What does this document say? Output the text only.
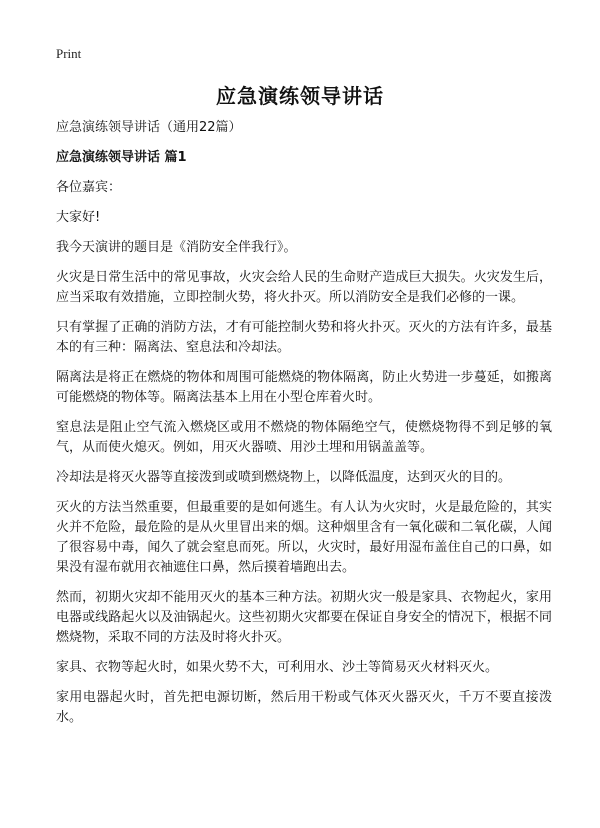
Print
应急演练领导讲话

应急演练领导讲话（通用22篇）

应急演练领导讲话 篇1

各位嘉宾：

大家好!

我今天演讲的题目是《消防安全伴我行》。

火灾是日常生活中的常见事故，火灾会给人民的生命财产造成巨大损失。火灾发生后，应当采取有效措施，立即控制火势，将火扑灭。所以消防安全是我们必修的一课。

只有掌握了正确的消防方法，才有可能控制火势和将火扑灭。灭火的方法有许多，最基本的有三种：隔离法、窒息法和冷却法。

隔离法是将正在燃烧的物体和周围可能燃烧的物体隔离，防止火势进一步蔓延，如搬离可能燃烧的物体等。隔离法基本上用在小型仓库着火时。

窒息法是阻止空气流入燃烧区或用不燃烧的物体隔绝空气，使燃烧物得不到足够的氧气，从而使火熄灭。例如，用灭火器喷、用沙土埋和用锅盖盖等。

冷却法是将灭火器等直接泼到或喷到燃烧物上，以降低温度，达到灭火的目的。

灭火的方法当然重要，但最重要的是如何逃生。有人认为火灾时，火是最危险的，其实火并不危险，最危险的是从火里冒出来的烟。这种烟里含有一氧化碳和二氧化碳，人闻了很容易中毒，闻久了就会窒息而死。所以，火灾时，最好用湿布盖住自己的口鼻，如果没有湿布就用衣袖遮住口鼻，然后摸着墙跑出去。

然而，初期火灾却不能用灭火的基本三种方法。初期火灾一般是家具、衣物起火，家用电器或线路起火以及油锅起火。这些初期火灾都要在保证自身安全的情况下，根据不同燃烧物，采取不同的方法及时将火扑灭。

家具、衣物等起火时，如果火势不大，可利用水、沙土等简易灭火材料灭火。

家用电器起火时，首先把电源切断，然后用干粉或气体灭火器灭火，千万不要直接泼水。
